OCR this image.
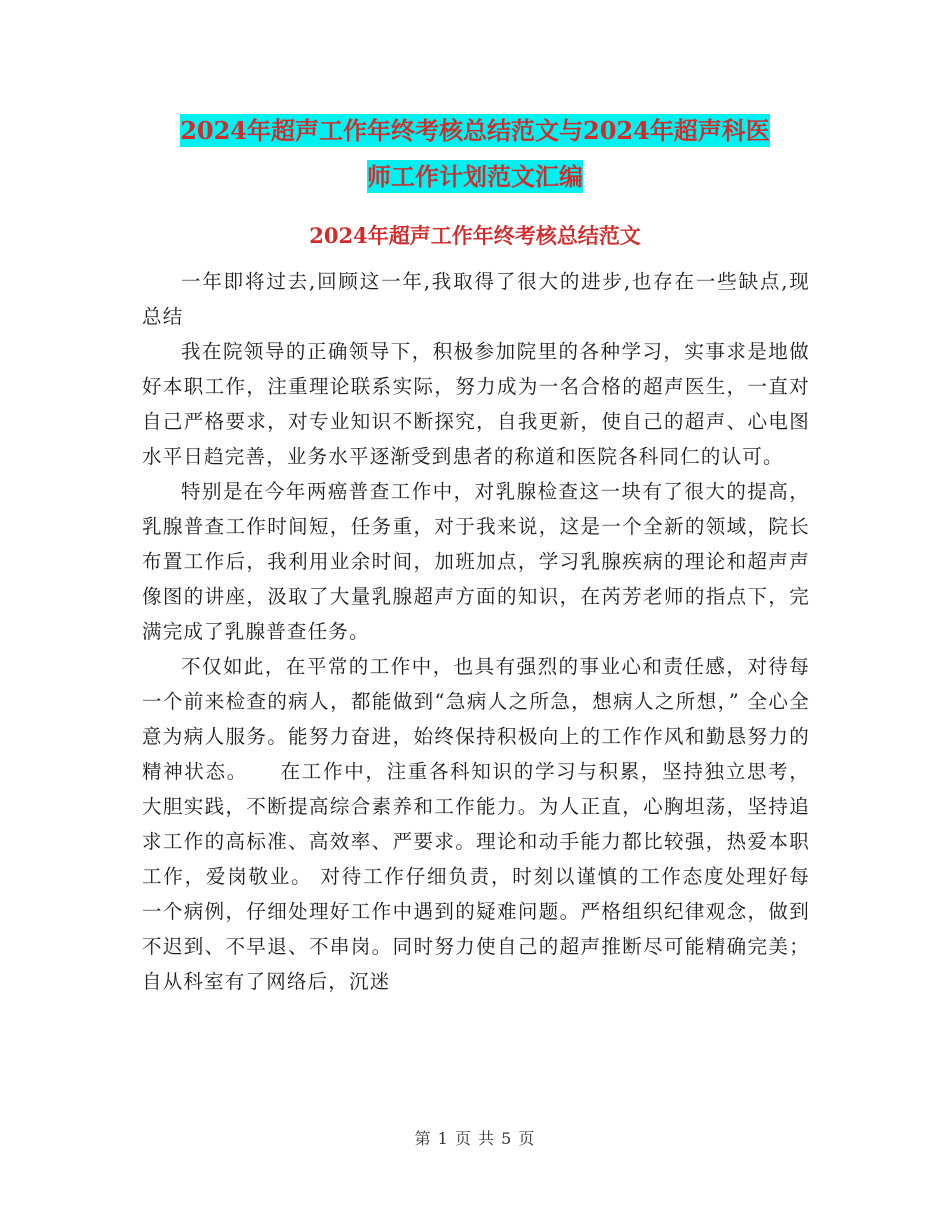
2024年超声工作年终考核总结范文与2024年超声科医
师工作计划范文汇编
2024年超声工作年终考核总结范文

一年即将过去,回顾这一年,我取得了很大的进步,也存在一些缺点,现总结

我在院领导的正确领导下，积极参加院里的各种学习，实事求是地做好本职工作，注重理论联系实际，努力成为一名合格的超声医生，一直对自己严格要求，对专业知识不断探究，自我更新，使自己的超声、心电图水平日趋完善，业务水平逐渐受到患者的称道和医院各科同仁的认可。

特别是在今年两癌普查工作中，对乳腺检查这一块有了很大的提高，乳腺普查工作时间短，任务重，对于我来说，这是一个全新的领域，院长布置工作后，我利用业余时间，加班加点，学习乳腺疾病的理论和超声声像图的讲座，汲取了大量乳腺超声方面的知识，在芮芳老师的指点下，完满完成了乳腺普查任务。

不仅如此，在平常的工作中，也具有强烈的事业心和责任感，对待每一个前来检查的病人，都能做到“急病人之所急，想病人之所想，” 全心全意为病人服务。能努力奋进，始终保持积极向上的工作作风和勤恳努力的精神状态。　　在工作中，注重各科知识的学习与积累，坚持独立思考，大胆实践，不断提高综合素养和工作能力。为人正直，心胸坦荡，坚持追求工作的高标准、高效率、严要求。理论和动手能力都比较强，热爱本职工作，爱岗敬业。 对待工作仔细负责，时刻以谨慎的工作态度处理好每一个病例，仔细处理好工作中遇到的疑难问题。严格组织纪律观念，做到不迟到、不早退、不串岗。同时努力使自己的超声推断尽可能精确完美；自从科室有了网络后，沉迷

第 1 页 共 5 页
